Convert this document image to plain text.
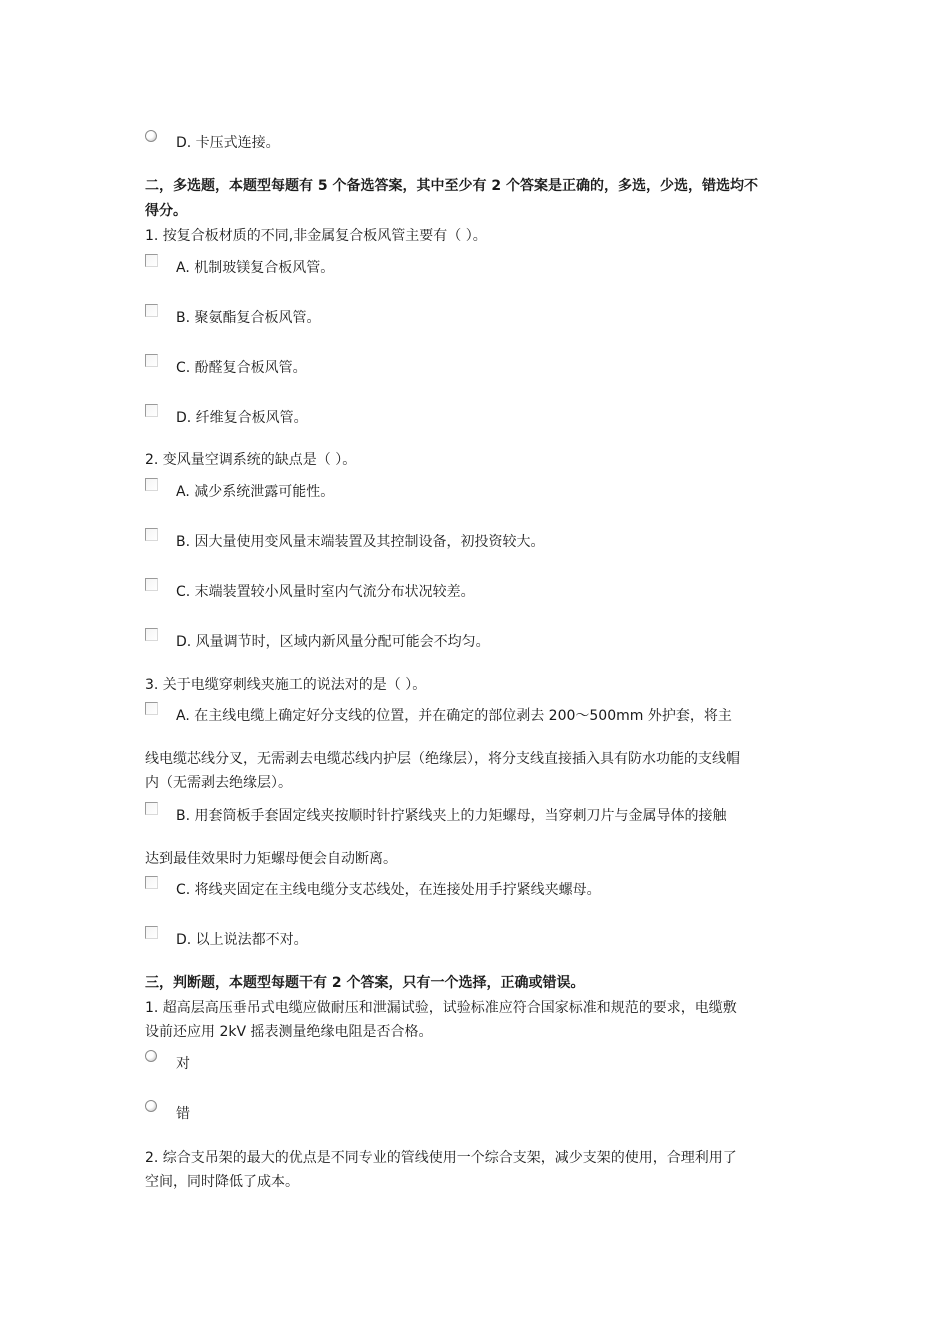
D. 卡压式连接。
二，多选题，本题型每题有 5 个备选答案，其中至少有 2 个答案是正确的，多选，少选，错选均不
得分。
1. 按复合板材质的不同,非金属复合板风管主要有（ ）。
A. 机制玻镁复合板风管。
B. 聚氨酯复合板风管。
C. 酚醛复合板风管。
D. 纤维复合板风管。
2. 变风量空调系统的缺点是（ ）。
A. 减少系统泄露可能性。
B. 因大量使用变风量末端装置及其控制设备，初投资较大。
C. 末端装置较小风量时室内气流分布状况较差。
D. 风量调节时，区域内新风量分配可能会不均匀。
3. 关于电缆穿刺线夹施工的说法对的是（ ）。
A. 在主线电缆上确定好分支线的位置，并在确定的部位剥去 200～500mm 外护套，将主
线电缆芯线分叉，无需剥去电缆芯线内护层（绝缘层），将分支线直接插入具有防水功能的支线帽
内（无需剥去绝缘层）。
B. 用套筒板手套固定线夹按顺时针拧紧线夹上的力矩螺母，当穿刺刀片与金属导体的接触
达到最佳效果时力矩螺母便会自动断离。
C. 将线夹固定在主线电缆分支芯线处，在连接处用手拧紧线夹螺母。
D. 以上说法都不对。
三，判断题，本题型每题干有 2 个答案，只有一个选择，正确或错误。
1. 超高层高压垂吊式电缆应做耐压和泄漏试验，试验标准应符合国家标准和规范的要求，电缆敷
设前还应用 2kV 摇表测量绝缘电阻是否合格。
对
错
2. 综合支吊架的最大的优点是不同专业的管线使用一个综合支架，减少支架的使用，合理利用了
空间，同时降低了成本。
